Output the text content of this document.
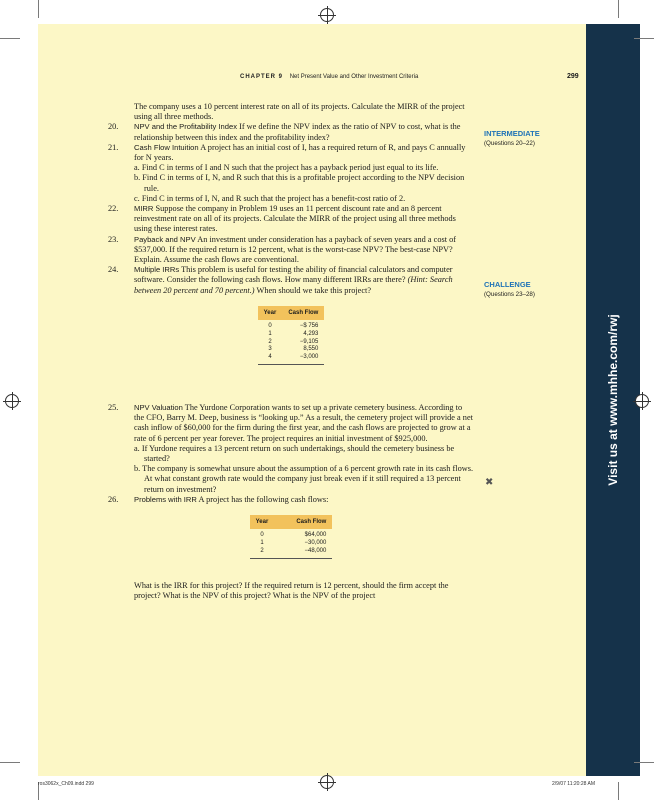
Visit us at www.mhhe.com/rwj
CHAPTER 9 Net Present Value and Other Investment Criteria	299

The company uses a 10 percent interest rate on all of its projects. Calculate the MIRR of the project using all three methods.

20. NPV and the Profitability Index If we define the NPV index as the ratio of NPV to cost, what is the relationship between this index and the profitability index?
21. Cash Flow Intuition A project has an initial cost of I, has a required return of R, and pays C annually for N years.

a. Find C in terms of I and N such that the project has a payback period just equal to its life.

b. Find C in terms of I, N, and R such that this is a profitable project according to the NPV decision rule.

c. Find C in terms of I, N, and R such that the project has a benefit-cost ratio of 2.

22. MIRR Suppose the company in Problem 19 uses an 11 percent discount rate and an 8 percent reinvestment rate on all of its projects. Calculate the MIRR of the project using all three methods using these interest rates.
23. Payback and NPV An investment under consideration has a payback of seven years and a cost of $537,000. If the required return is 12 percent, what is the worst-case NPV? The best-case NPV? Explain. Assume the cash flows are conventional.
24. Multiple IRRs This problem is useful for testing the ability of financial calculators and computer software. Consider the following cash flows. How many different IRRs are there? (Hint: Search between 20 percent and 70 percent.) When should we take this project?
Year	Cash Flow
0	−$ 756
1	4,293
2	−9,105
3	8,550
4	−3,000
25. NPV Valuation The Yurdone Corporation wants to set up a private cemetery business. According to the CFO, Barry M. Deep, business is “looking up.” As a result, the cemetery project will provide a net cash inflow of $60,000 for the firm during the first year, and the cash flows are projected to grow at a rate of 6 percent per year forever. The project requires an initial investment of $925,000.

a. If Yurdone requires a 13 percent return on such undertakings, should the cemetery business be started?

b. The company is somewhat unsure about the assumption of a 6 percent growth rate in its cash flows. At what constant growth rate would the company just break even if it still required a 13 percent return on investment?

26. Problems with IRR A project has the following cash flows:
Year	Cash Flow
0	$64,000
1	−30,000
2	−48,000

What is the IRR for this project? If the required return is 12 percent, should the firm accept the project? What is the NPV of this project? What is the NPV of the project

INTERMEDIATE
(Questions 20–22)
CHALLENGE
(Questions 23–28)
✖
ros3062x_Ch09.indd 299	2/9/07 11:20:28 AM
